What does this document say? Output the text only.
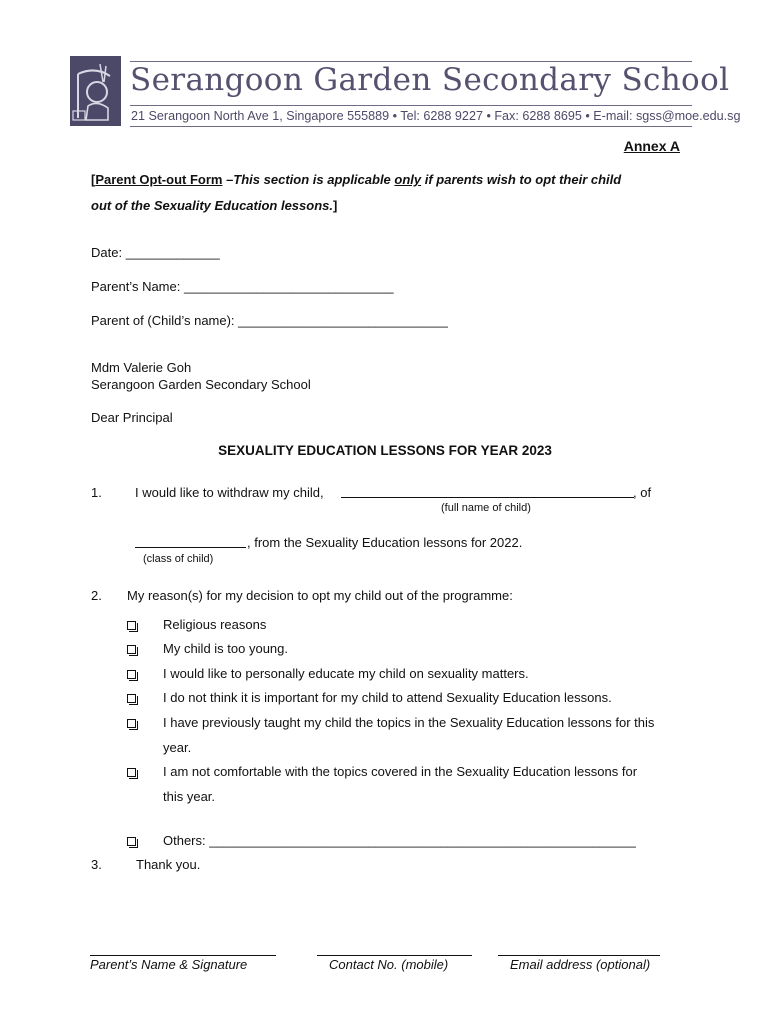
Serangoon Garden Secondary School
21 Serangoon North Ave 1, Singapore 555889 • Tel: 6288 9227 • Fax: 6288 8695 • E-mail: sgss@moe.edu.sg
Annex A
[Parent Opt-out Form –This section is applicable only if parents wish to opt their child
out of the Sexuality Education lessons.]
Date: _____________
Parent’s Name: _____________________________
Parent of (Child’s name): _____________________________
Mdm Valerie Goh
Serangoon Garden Secondary School
Dear Principal
SEXUALITY EDUCATION LESSONS FOR YEAR 2023
1.	I would like to withdraw my child,	, of
(full name of child)
, from the Sexuality Education lessons for 2022.
(class of child)
2. My reason(s) for my decision to opt my child out of the programme:
Religious reasons
My child is too young.
I would like to personally educate my child on sexuality matters.
I do not think it is important for my child to attend Sexuality Education lessons.
I have previously taught my child the topics in the Sexuality Education lessons for this
year.
I am not comfortable with the topics covered in the Sexuality Education lessons for
this year.
Others: ___________________________________________________________
3.	Thank you.
Parent’s Name & Signature	Contact No. (mobile)	Email address (optional)
